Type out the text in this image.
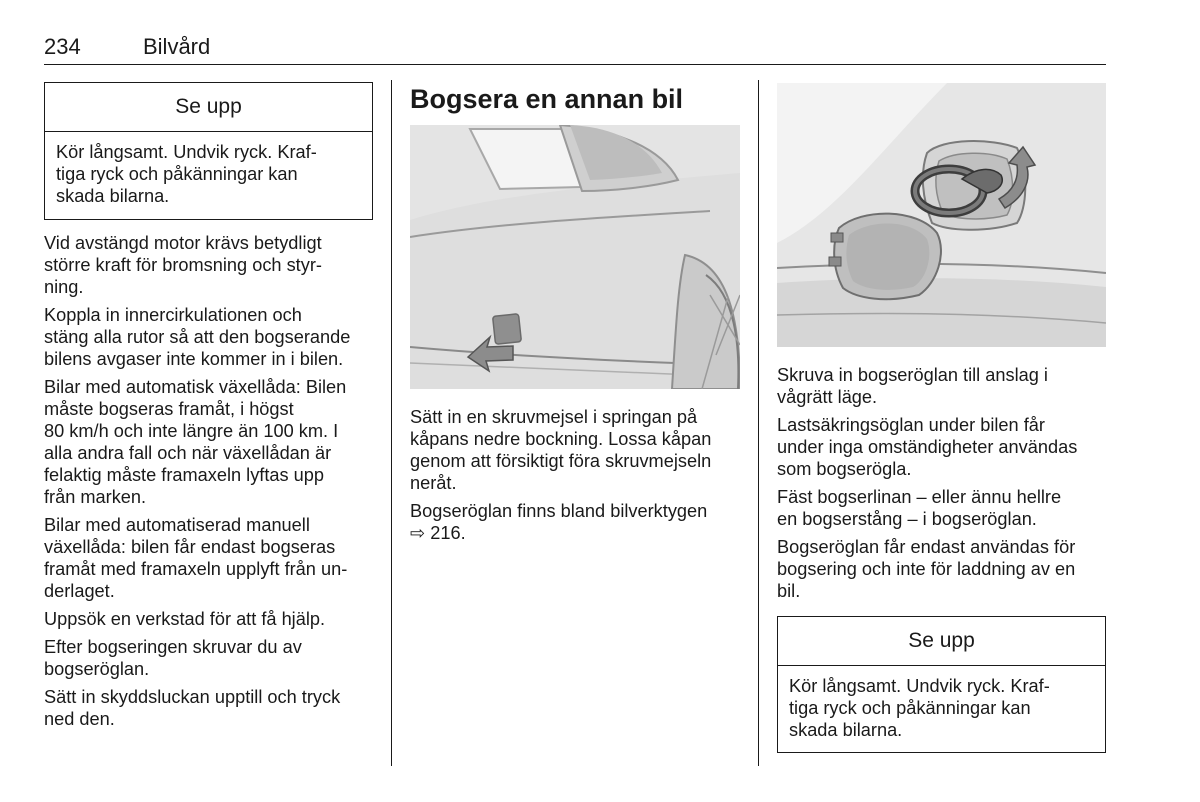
234	Bilvård
Se upp
Kör långsamt. Undvik ryck. Kraf-
tiga ryck och påkänningar kan
skada bilarna.

Vid avstängd motor krävs betydligt
större kraft för bromsning och styr-
ning.

Koppla in innercirkulationen och
stäng alla rutor så att den bogserande
bilens avgaser inte kommer in i bilen.

Bilar med automatisk växellåda: Bilen
måste bogseras framåt, i högst
80 km/h och inte längre än 100 km. I
alla andra fall och när växellådan är
felaktig måste framaxeln lyftas upp
från marken.

Bilar med automatiserad manuell
växellåda: bilen får endast bogseras
framåt med framaxeln upplyft från un-
derlaget.

Uppsök en verkstad för att få hjälp.

Efter bogseringen skruvar du av
bogseröglan.

Sätt in skyddsluckan upptill och tryck
ned den.

Bogsera en annan bil

Sätt in en skruvmejsel i springan på
kåpans nedre bockning. Lossa kåpan
genom att försiktigt föra skruvmejseln
neråt.

Bogseröglan finns bland bilverktygen
⇨ 216.

Skruva in bogseröglan till anslag i
vågrätt läge.

Lastsäkringsöglan under bilen får
under inga omständigheter användas
som bogserögla.

Fäst bogserlinan – eller ännu hellre
en bogserstång – i bogseröglan.

Bogseröglan får endast användas för
bogsering och inte för laddning av en
bil.

Se upp
Kör långsamt. Undvik ryck. Kraf-
tiga ryck och påkänningar kan
skada bilarna.
